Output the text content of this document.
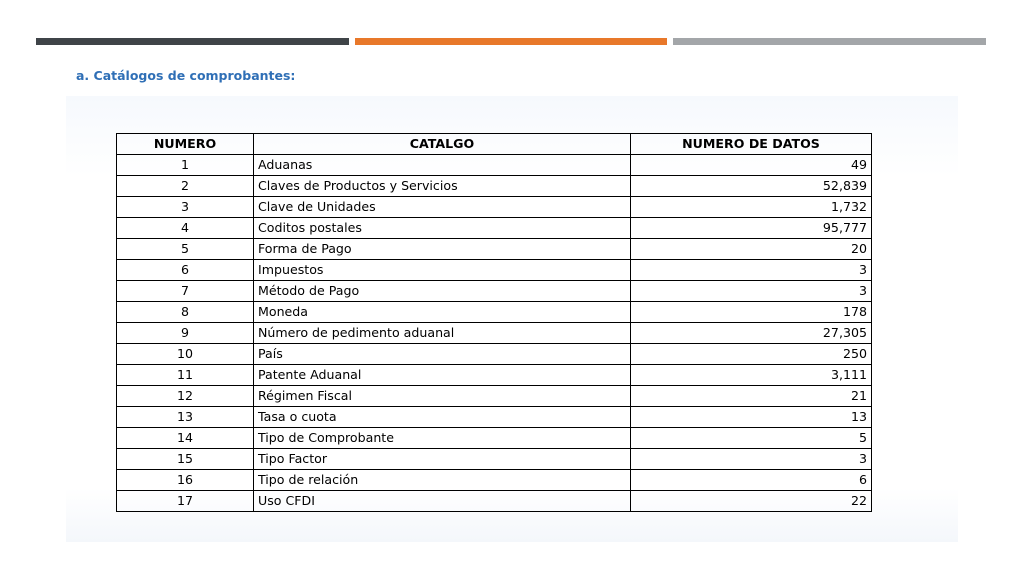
a. Catálogos de comprobantes:
NUMERO	CATALGO	NUMERO DE DATOS
1	Aduanas	49
2	Claves de Productos y Servicios	52,839
3	Clave de Unidades	1,732
4	Coditos postales	95,777
5	Forma de Pago	20
6	Impuestos	3
7	Método de Pago	3
8	Moneda	178
9	Número de pedimento aduanal	27,305
10	País	250
11	Patente Aduanal	3,111
12	Régimen Fiscal	21
13	Tasa o cuota	13
14	Tipo de Comprobante	5
15	Tipo Factor	3
16	Tipo de relación	6
17	Uso CFDI	22
